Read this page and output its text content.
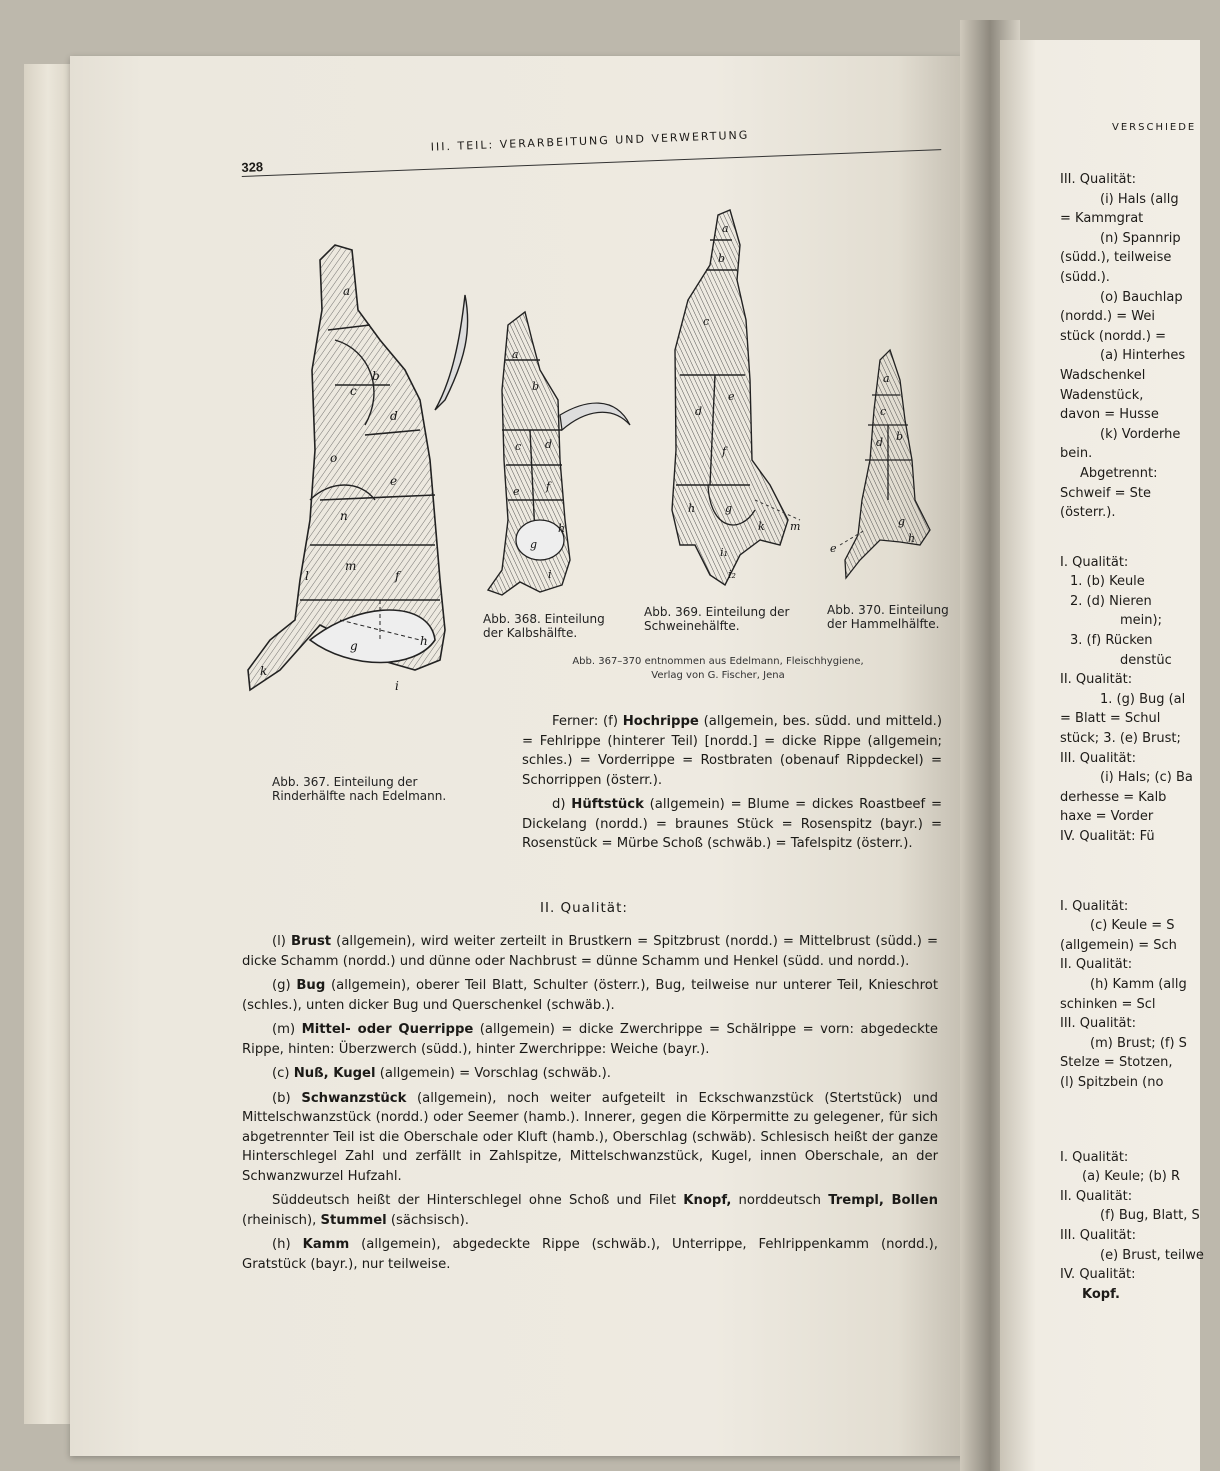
328
III. TEIL: VERARBEITUNG UND VERWERTUNG
VERSCHIEDE
a
b
c
d
o
e
n
l
m
f
g	h
k
i
a
b
c d
e f
g
h
i
a
b
c
d
e
f
h	g
k m
i₁
i₂
a
c
d b
e
g
h
Abb. 367. Einteilung der Rinderhälfte nach Edelmann.
Abb. 368. Einteilung der Kalbshälfte.
Abb. 369. Einteilung der Schweinehälfte.
Abb. 370. Einteilung der Hammelhälfte.
Abb. 367–370 entnommen aus Edelmann, Fleischhygiene, Verlag von G. Fischer, Jena

Ferner: (f) Hochrippe (allgemein, bes. südd. und mitteld.) = Fehlrippe (hinterer Teil) [nordd.] = dicke Rippe (allgemein; schles.) = Vorderrippe = Rostbraten (obenauf Rippdeckel) = Schorrippen (österr.).

d) Hüftstück (allgemein) = Blume = dickes Roastbeef = Dickelang (nordd.) = braunes Stück = Rosenspitz (bayr.) = Rosenstück = Mürbe Schoß (schwäb.) = Tafelspitz (österr.).

II. Qualität:

(l) Brust (allgemein), wird weiter zerteilt in Brustkern = Spitzbrust (nordd.) = Mittelbrust (südd.) = dicke Schamm (nordd.) und dünne oder Nachbrust = dünne Schamm und Henkel (südd. und nordd.).

(g) Bug (allgemein), oberer Teil Blatt, Schulter (österr.), Bug, teilweise nur unterer Teil, Knieschrot (schles.), unten dicker Bug und Querschenkel (schwäb.).

(m) Mittel- oder Querrippe (allgemein) = dicke Zwerchrippe = Schälrippe = vorn: abgedeckte Rippe, hinten: Überzwerch (südd.), hinter Zwerchrippe: Weiche (bayr.).

(c) Nuß, Kugel (allgemein) = Vorschlag (schwäb.).

(b) Schwanzstück (allgemein), noch weiter aufgeteilt in Eckschwanzstück (Stertstück) und Mittelschwanzstück (nordd.) oder Seemer (hamb.). Innerer, gegen die Körpermitte zu gelegener, für sich abgetrennter Teil ist die Oberschale oder Kluft (hamb.), Oberschlag (schwäb). Schlesisch heißt der ganze Hinterschlegel Zahl und zerfällt in Zahlspitze, Mittelschwanzstück, Kugel, innen Oberschale, an der Schwanzwurzel Hufzahl.

Süddeutsch heißt der Hinterschlegel ohne Schoß und Filet Knopf, norddeutsch Trempl, Bollen (rheinisch), Stummel (sächsisch).

(h) Kamm (allgemein), abgedeckte Rippe (schwäb.), Unterrippe, Fehlrippenkamm (nordd.), Gratstück (bayr.), nur teilweise.

III. Qualität:
(i) Hals (allg
= Kammgrat
(n) Spannrip
(südd.), teilweise
(südd.).
(o) Bauchlap
(nordd.) = Wei
stück (nordd.) =
(a) Hinterhes
Wadschenkel
Wadenstück,
davon = Husse
(k) Vorderhe
bein.
Abgetrennt:
Schweif = Ste
(österr.).
I. Qualität:
1. (b) Keule
2. (d) Nieren
mein);
3. (f) Rücken
denstüc
II. Qualität:
1. (g) Bug (al
= Blatt = Schul
stück; 3. (e) Brust;
III. Qualität:
(i) Hals; (c) Ba
derhesse = Kalb
haxe = Vorder
IV. Qualität: Fü
I. Qualität:
(c) Keule = S
(allgemein) = Sch
II. Qualität:
(h) Kamm (allg
schinken = Scl
III. Qualität:
(m) Brust; (f) S
Stelze = Stotzen,
(l) Spitzbein (no
I. Qualität:
(a) Keule; (b) R
II. Qualität:
(f) Bug, Blatt, S
III. Qualität:
(e) Brust, teilwe
IV. Qualität:
Kopf.
